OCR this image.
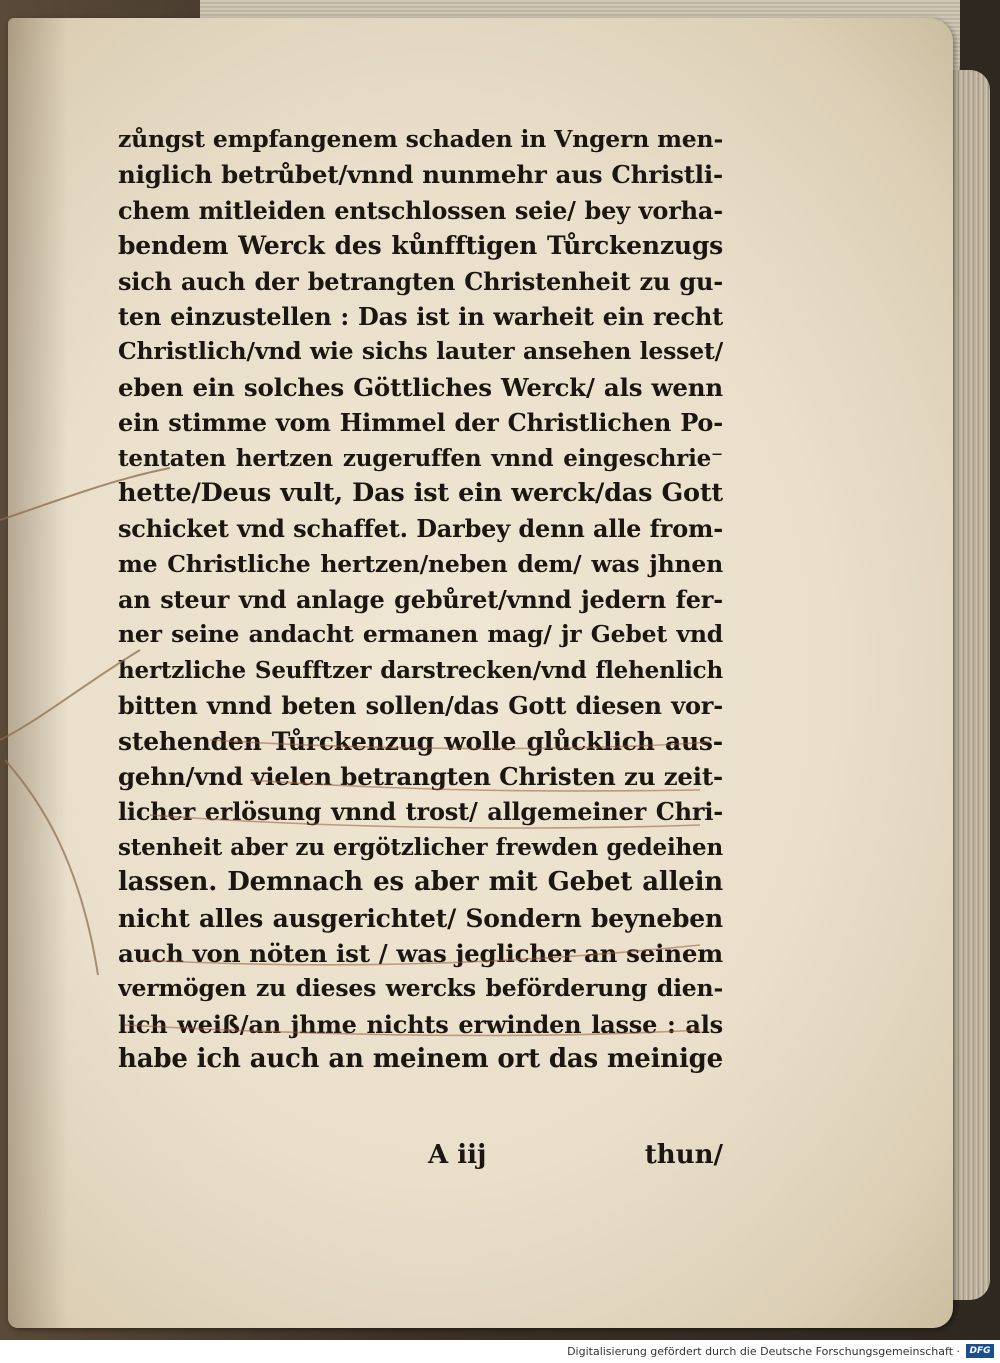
zůngst empfangenem schaden in Vngern men-
niglich betrůbet/vnnd nunmehr aus Christli-
chem mitleiden entschlossen seie/ bey vorha-
bendem Werck des kůnfftigen Tůrckenzugs
sich auch der betrangten Christenheit zu gu-
ten einzustellen : Das ist in warheit ein recht
Christlich/vnd wie sichs lauter ansehen lesset/
eben ein solches Göttliches Werck/ als wenn
ein stimme vom Himmel der Christlichen Po-
tentaten hertzen zugeruffen vnnd eingeschrie⁻
hette/Deus vult, Das ist ein werck/das Gott
schicket vnd schaffet. Darbey denn alle from-
me Christliche hertzen/neben dem/ was jhnen
an steur vnd anlage gebůret/vnnd jedern fer-
ner seine andacht ermanen mag/ jr Gebet vnd
hertzliche Seufftzer darstrecken/vnd flehenlich
bitten vnnd beten sollen/das Gott diesen vor-
stehenden Tůrckenzug wolle glůcklich aus-
gehn/vnd vielen betrangten Christen zu zeit-
licher erlösung vnnd trost/ allgemeiner Chri-
stenheit aber zu ergötzlicher frewden gedeihen
lassen. Demnach es aber mit Gebet allein
nicht alles ausgerichtet/ Sondern beyneben
auch von nöten ist / was jeglicher an seinem
vermögen zu dieses wercks beförderung dien-
lich weiß/an jhme nichts erwinden lasse : als
habe ich auch an meinem ort das meinige
A iij	thun/
Digitalisierung gefördert durch die Deutsche Forschungsgemeinschaft ·	DFG
